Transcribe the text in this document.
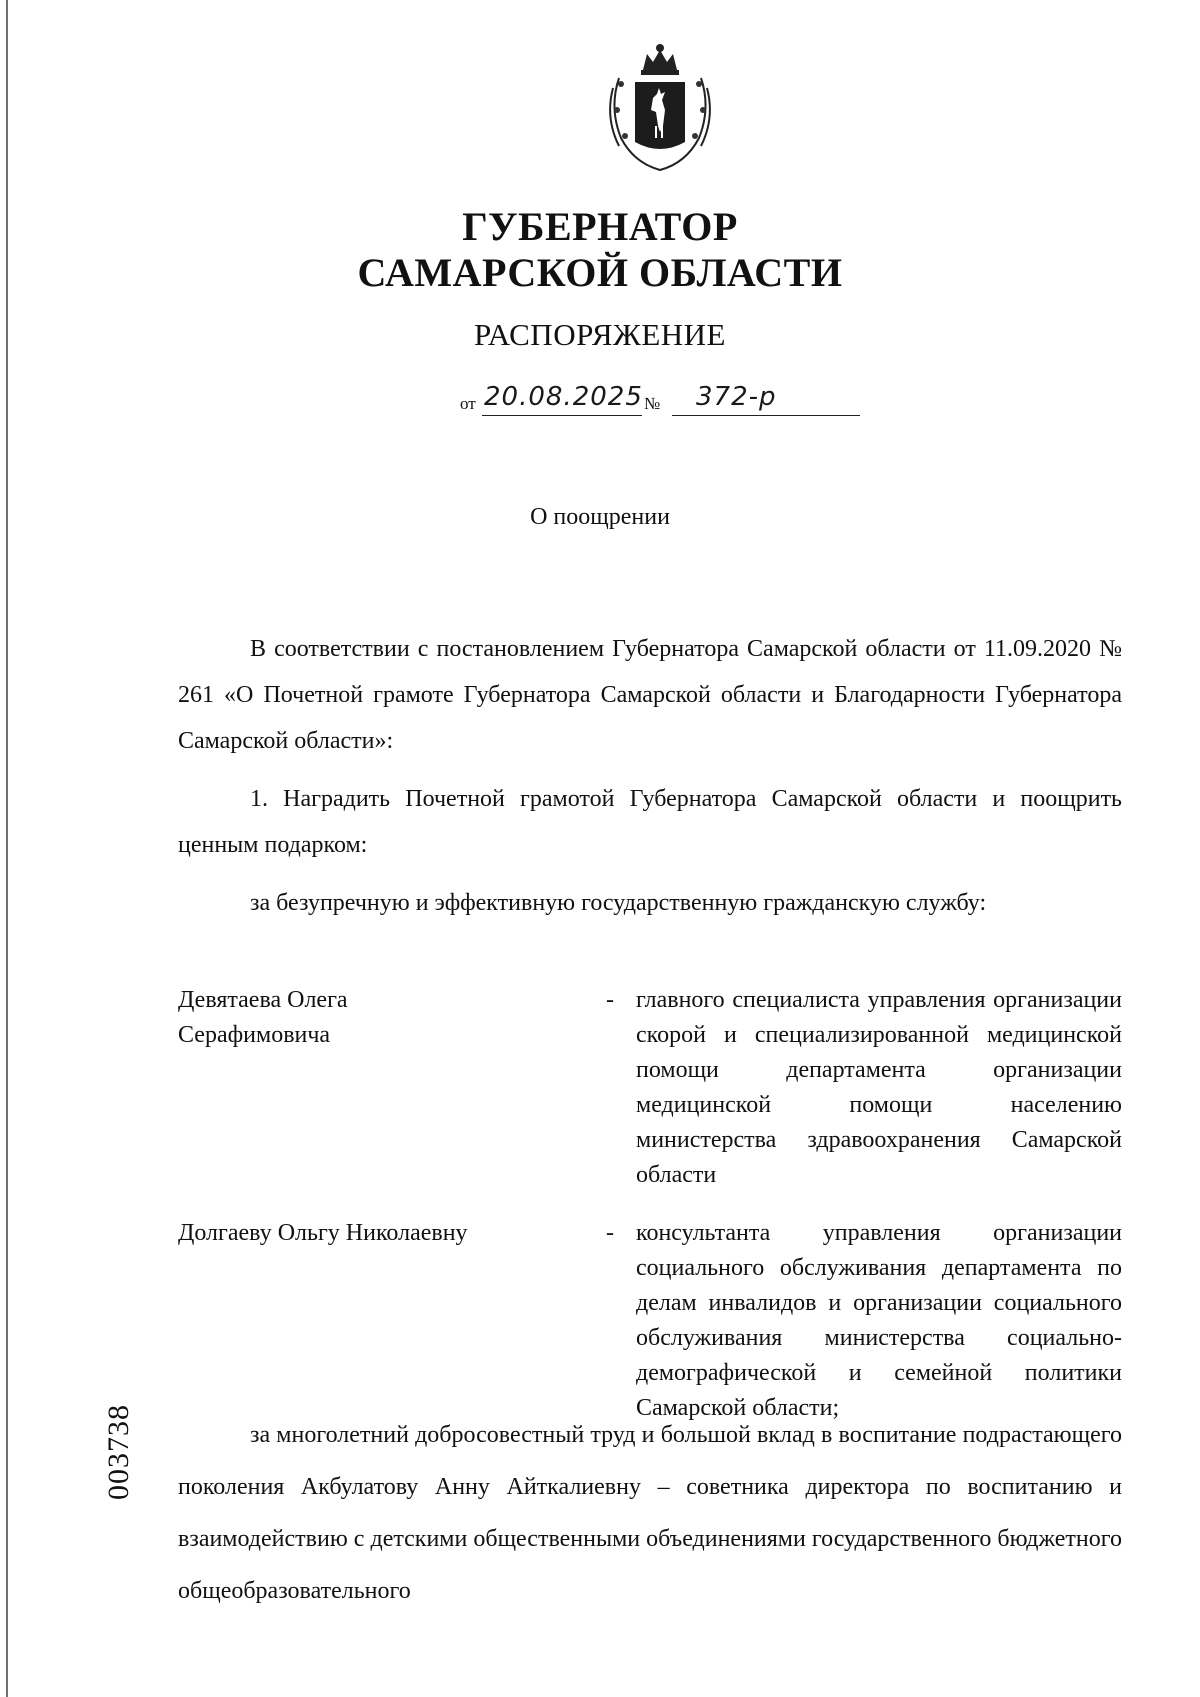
ГУБЕРНАТОР
САМАРСКОЙ ОБЛАСТИ
РАСПОРЯЖЕНИЕ
от 20.08.2025 № 372-р
О поощрении
В соответствии с постановлением Губернатора Самарской области от 11.09.2020 № 261 «О Почетной грамоте Губернатора Самарской области и Благодарности Губернатора Самарской области»:
1. Наградить Почетной грамотой Губернатора Самарской области и поощрить ценным подарком:
за безупречную и эффективную государственную гражданскую службу:
Девятаева Олега Серафимовича
- главного специалиста управления организации скорой и специализированной медицинской помощи департамента организации медицинской помощи населению министерства здравоохранения Самарской области
Долгаеву Ольгу Николаевну	- консультанта управления организации социального обслуживания департамента по делам инвалидов и организации социального обслуживания министерства социально-демографической и семейной политики Самарской области;
за многолетний добросовестный труд и большой вклад в воспитание подрастающего поколения Акбулатову Анну Айткалиевну – советника директора по воспитанию и взаимодействию с детскими общественными объединениями государственного бюджетного общеобразовательного
003738
